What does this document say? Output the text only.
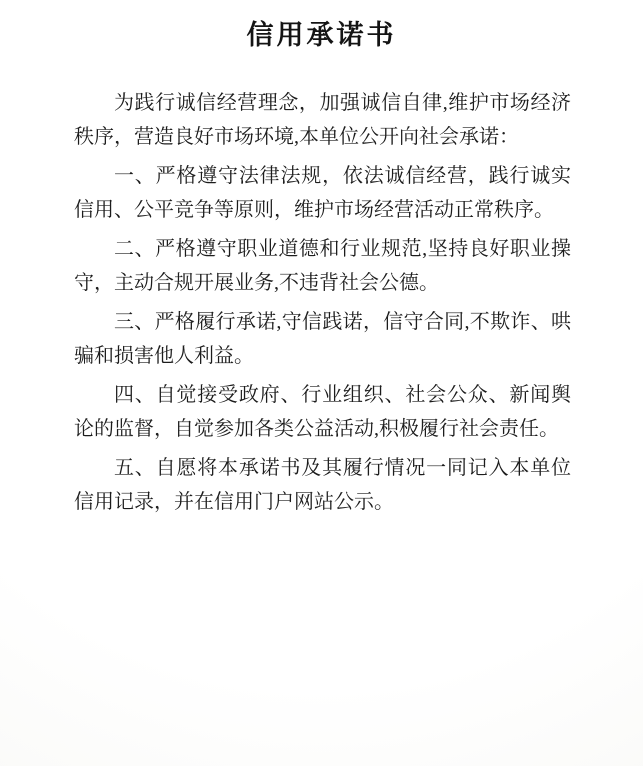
信用承诺书

为践行诚信经营理念，加强诚信自律,维护市场经济秩序，营造良好市场环境,本单位公开向社会承诺：

一、严格遵守法律法规，依法诚信经营，践行诚实信用、公平竞争等原则，维护市场经营活动正常秩序。

二、严格遵守职业道德和行业规范,坚持良好职业操守，主动合规开展业务,不违背社会公德。

三、严格履行承诺,守信践诺，信守合同,不欺诈、哄骗和损害他人利益。

四、自觉接受政府、行业组织、社会公众、新闻舆论的监督，自觉参加各类公益活动,积极履行社会责任。

五、自愿将本承诺书及其履行情况一同记入本单位信用记录，并在信用门户网站公示。
